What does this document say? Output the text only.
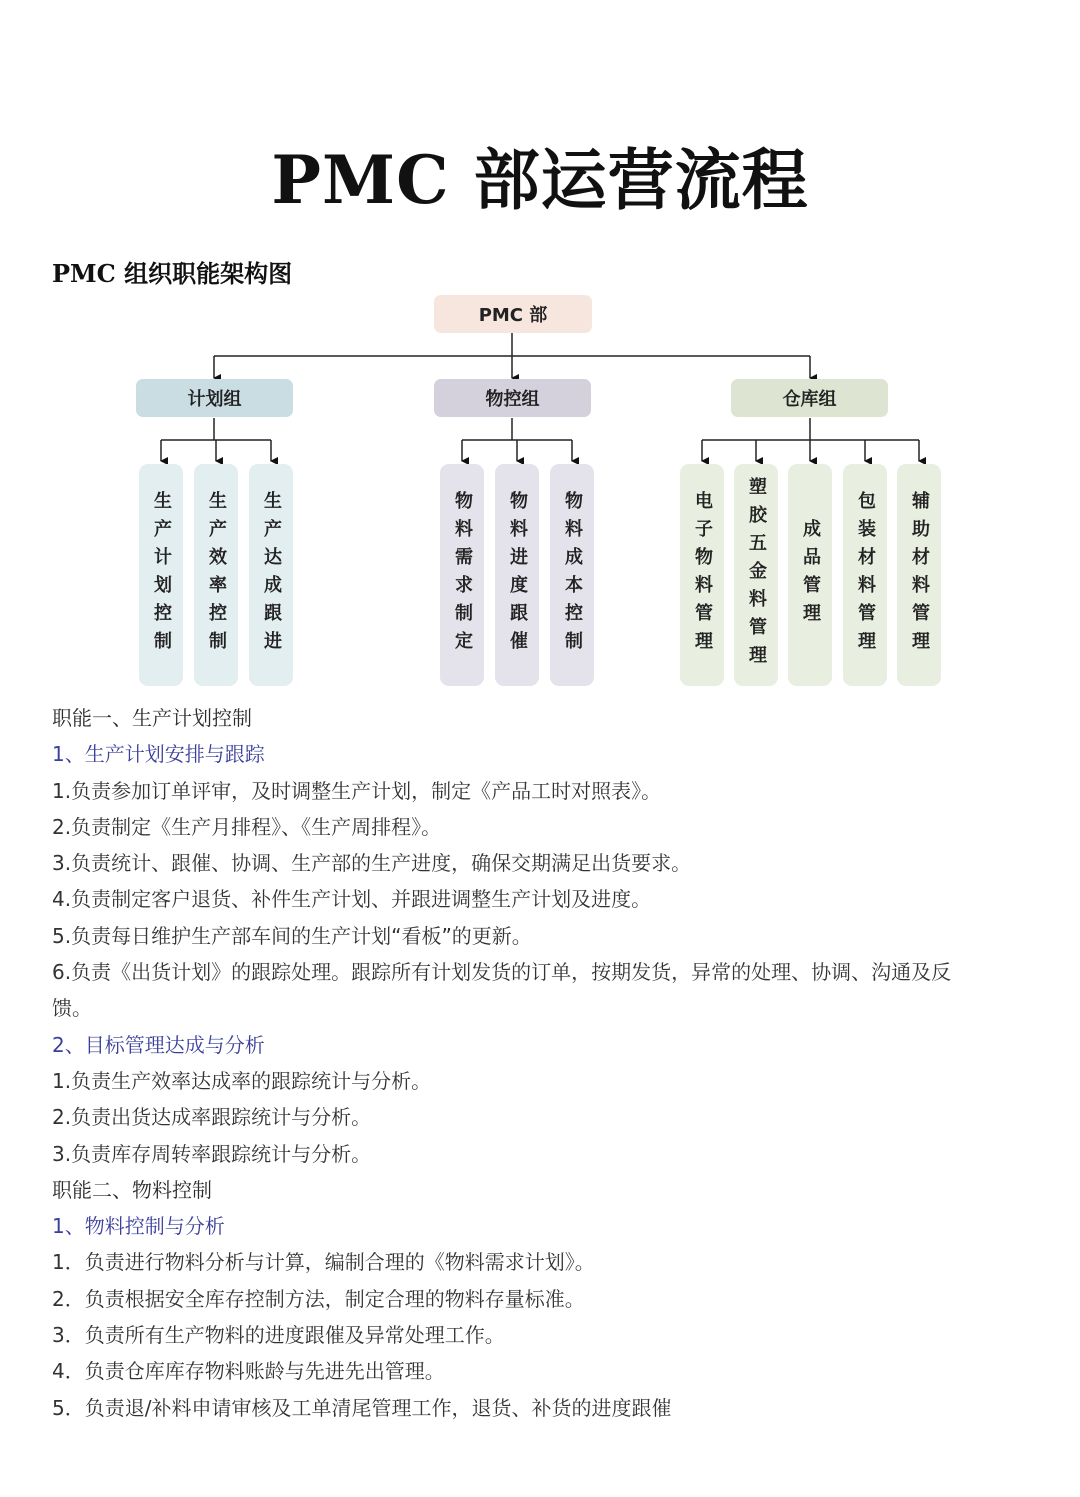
PMC 部运营流程
PMC 组织职能架构图
PMC 部
计划组	物控组	仓库组
生产计划控制 生产效率控制 生产达成跟进	物料需求制定 物料进度跟催 物料成本控制	电子物料管理 塑胶五金料管理 成品管理 包装材料管理 辅助材料管理

职能一、生产计划控制

1、生产计划安排与跟踪

1.负责参加订单评审，及时调整生产计划，制定《产品工时对照表》。

2.负责制定《生产月排程》、《生产周排程》。

3.负责统计、跟催、协调、生产部的生产进度，确保交期满足出货要求。

4.负责制定客户退货、补件生产计划、并跟进调整生产计划及进度。

5.负责每日维护生产部车间的生产计划“看板”的更新。

6.负责《出货计划》的跟踪处理。跟踪所有计划发货的订单，按期发货，异常的处理、协调、沟通及反

馈。

2、目标管理达成与分析

1.负责生产效率达成率的跟踪统计与分析。

2.负责出货达成率跟踪统计与分析。

3.负责库存周转率跟踪统计与分析。

职能二、物料控制

1、物料控制与分析

1．负责进行物料分析与计算，编制合理的《物料需求计划》。

2．负责根据安全库存控制方法，制定合理的物料存量标准。

3．负责所有生产物料的进度跟催及异常处理工作。

4．负责仓库库存物料账龄与先进先出管理。

5．负责退/补料申请审核及工单清尾管理工作，退货、补货的进度跟催
